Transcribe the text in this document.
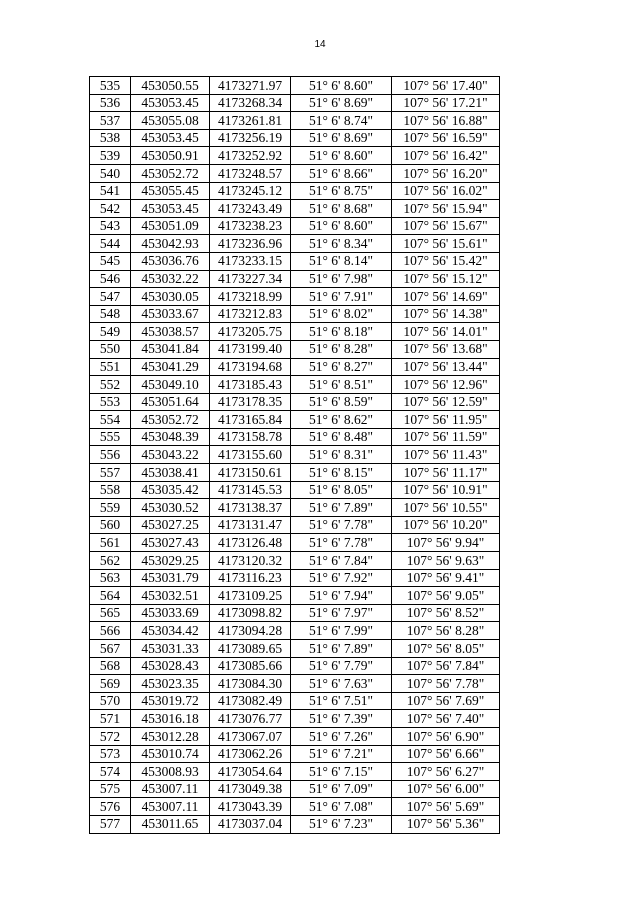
14
535	453050.55	4173271.97	51° 6' 8.60"	107° 56' 17.40"
536	453053.45	4173268.34	51° 6' 8.69"	107° 56' 17.21"
537	453055.08	4173261.81	51° 6' 8.74"	107° 56' 16.88"
538	453053.45	4173256.19	51° 6' 8.69"	107° 56' 16.59"
539	453050.91	4173252.92	51° 6' 8.60"	107° 56' 16.42"
540	453052.72	4173248.57	51° 6' 8.66"	107° 56' 16.20"
541	453055.45	4173245.12	51° 6' 8.75"	107° 56' 16.02"
542	453053.45	4173243.49	51° 6' 8.68"	107° 56' 15.94"
543	453051.09	4173238.23	51° 6' 8.60"	107° 56' 15.67"
544	453042.93	4173236.96	51° 6' 8.34"	107° 56' 15.61"
545	453036.76	4173233.15	51° 6' 8.14"	107° 56' 15.42"
546	453032.22	4173227.34	51° 6' 7.98"	107° 56' 15.12"
547	453030.05	4173218.99	51° 6' 7.91"	107° 56' 14.69"
548	453033.67	4173212.83	51° 6' 8.02"	107° 56' 14.38"
549	453038.57	4173205.75	51° 6' 8.18"	107° 56' 14.01"
550	453041.84	4173199.40	51° 6' 8.28"	107° 56' 13.68"
551	453041.29	4173194.68	51° 6' 8.27"	107° 56' 13.44"
552	453049.10	4173185.43	51° 6' 8.51"	107° 56' 12.96"
553	453051.64	4173178.35	51° 6' 8.59"	107° 56' 12.59"
554	453052.72	4173165.84	51° 6' 8.62"	107° 56' 11.95"
555	453048.39	4173158.78	51° 6' 8.48"	107° 56' 11.59"
556	453043.22	4173155.60	51° 6' 8.31"	107° 56' 11.43"
557	453038.41	4173150.61	51° 6' 8.15"	107° 56' 11.17"
558	453035.42	4173145.53	51° 6' 8.05"	107° 56' 10.91"
559	453030.52	4173138.37	51° 6' 7.89"	107° 56' 10.55"
560	453027.25	4173131.47	51° 6' 7.78"	107° 56' 10.20"
561	453027.43	4173126.48	51° 6' 7.78"	107° 56' 9.94"
562	453029.25	4173120.32	51° 6' 7.84"	107° 56' 9.63"
563	453031.79	4173116.23	51° 6' 7.92"	107° 56' 9.41"
564	453032.51	4173109.25	51° 6' 7.94"	107° 56' 9.05"
565	453033.69	4173098.82	51° 6' 7.97"	107° 56' 8.52"
566	453034.42	4173094.28	51° 6' 7.99"	107° 56' 8.28"
567	453031.33	4173089.65	51° 6' 7.89"	107° 56' 8.05"
568	453028.43	4173085.66	51° 6' 7.79"	107° 56' 7.84"
569	453023.35	4173084.30	51° 6' 7.63"	107° 56' 7.78"
570	453019.72	4173082.49	51° 6' 7.51"	107° 56' 7.69"
571	453016.18	4173076.77	51° 6' 7.39"	107° 56' 7.40"
572	453012.28	4173067.07	51° 6' 7.26"	107° 56' 6.90"
573	453010.74	4173062.26	51° 6' 7.21"	107° 56' 6.66"
574	453008.93	4173054.64	51° 6' 7.15"	107° 56' 6.27"
575	453007.11	4173049.38	51° 6' 7.09"	107° 56' 6.00"
576	453007.11	4173043.39	51° 6' 7.08"	107° 56' 5.69"
577	453011.65	4173037.04	51° 6' 7.23"	107° 56' 5.36"
